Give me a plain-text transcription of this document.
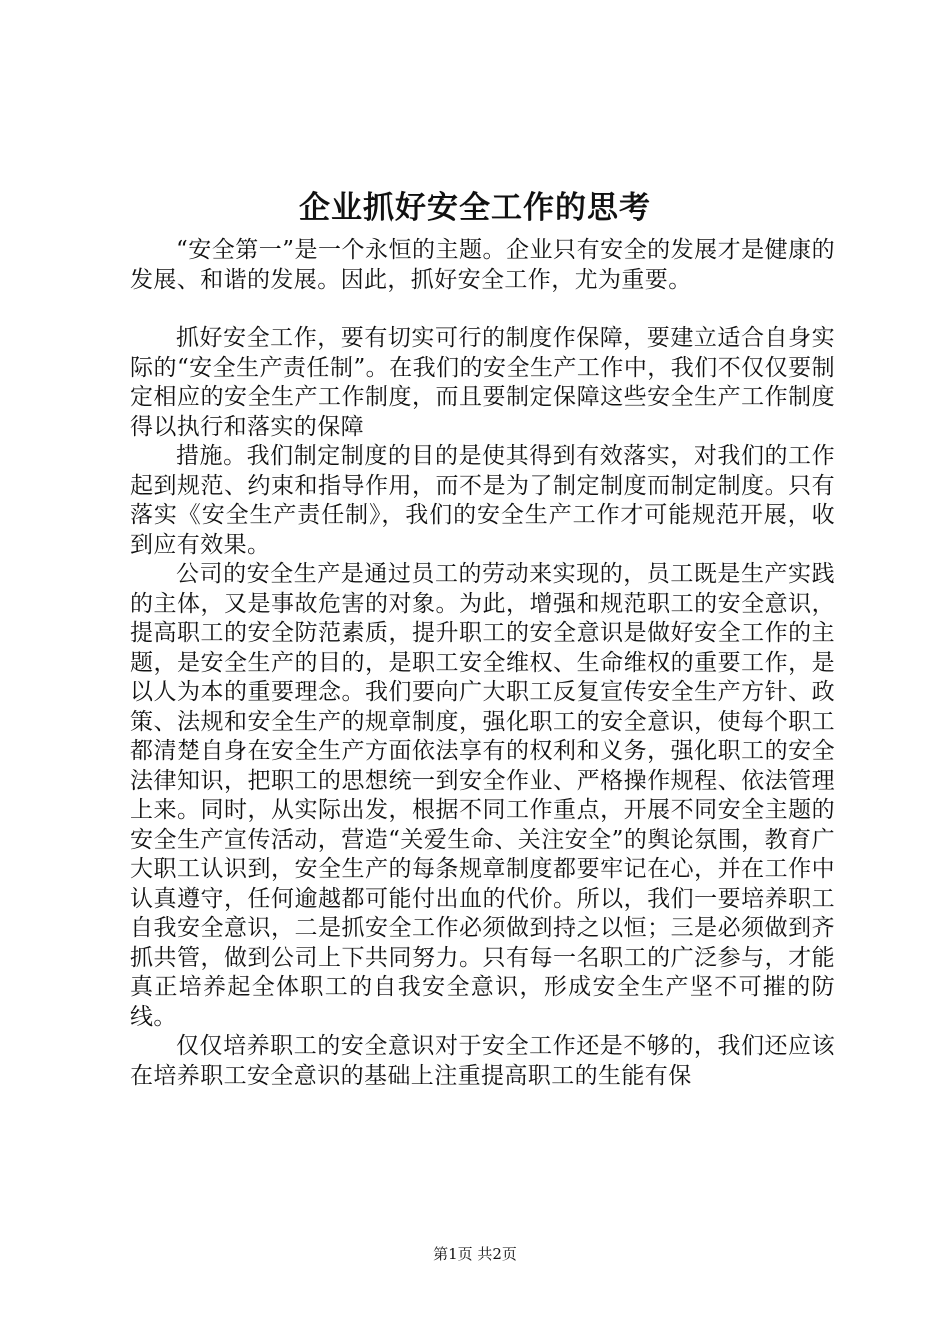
企业抓好安全工作的思考

“安全第一”是一个永恒的主题。企业只有安全的发展才是健康的发展、和谐的发展。因此，抓好安全工作，尤为重要。

抓好安全工作，要有切实可行的制度作保障，要建立适合自身实际的“安全生产责任制”。在我们的安全生产工作中，我们不仅仅要制定相应的安全生产工作制度，而且要制定保障这些安全生产工作制度得以执行和落实的保障

措施。我们制定制度的目的是使其得到有效落实，对我们的工作起到规范、约束和指导作用，而不是为了制定制度而制定制度。只有落实《安全生产责任制》，我们的安全生产工作才可能规范开展，收到应有效果。

公司的安全生产是通过员工的劳动来实现的，员工既是生产实践的主体，又是事故危害的对象。为此，增强和规范职工的安全意识，提高职工的安全防范素质，提升职工的安全意识是做好安全工作的主题，是安全生产的目的，是职工安全维权、生命维权的重要工作，是以人为本的重要理念。我们要向广大职工反复宣传安全生产方针、政策、法规和安全生产的规章制度，强化职工的安全意识，使每个职工都清楚自身在安全生产方面依法享有的权利和义务，强化职工的安全法律知识，把职工的思想统一到安全作业、严格操作规程、依法管理上来。同时，从实际出发，根据不同工作重点，开展不同安全主题的安全生产宣传活动，营造“关爱生命、关注安全”的舆论氛围，教育广大职工认识到，安全生产的每条规章制度都要牢记在心，并在工作中认真遵守，任何逾越都可能付出血的代价。所以，我们一要培养职工自我安全意识，二是抓安全工作必须做到持之以恒；三是必须做到齐抓共管，做到公司上下共同努力。只有每一名职工的广泛参与，才能真正培养起全体职工的自我安全意识，形成安全生产坚不可摧的防线。

仅仅培养职工的安全意识对于安全工作还是不够的，我们还应该在培养职工安全意识的基础上注重提高职工的生能有保

第1页 共2页
